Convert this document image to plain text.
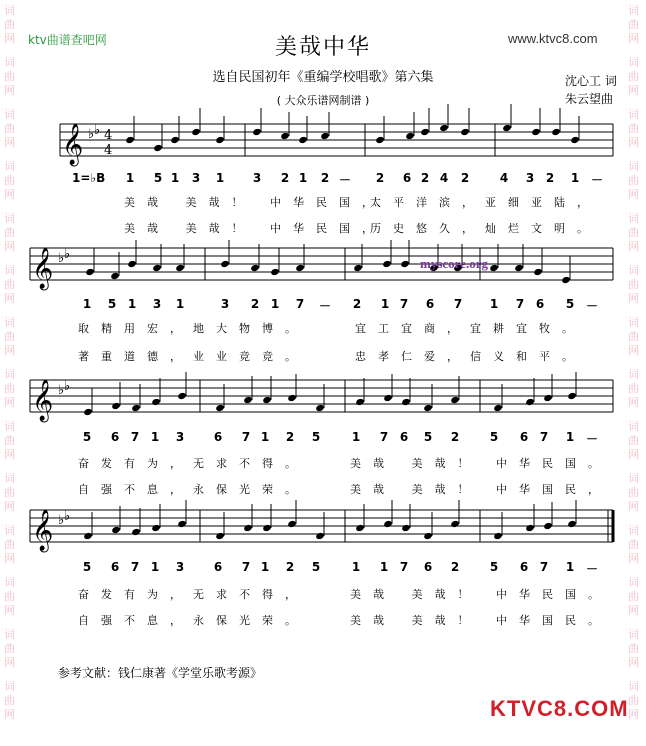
词
曲
网
词
曲
网
词
曲
网
词
曲
网
词
曲
网
词
曲
网
词
曲
网
词
曲
网
词
曲
网
词
曲
网
词
曲
网
词
曲
网
词
曲
网
词
曲
网
词
曲
网
词
曲
网
词
曲
网
词
曲
网
词
曲
网
词
曲
网
词
曲
网
词
曲
网
词
曲
网
词
曲
网
词
曲
网
词
曲
网
词
曲
网
词
曲
网
ktv曲谱查吧网	www.ktvc8.com
美哉中华
选自民国初年《重编学校唱歌》第六集
( 大众乐谱网制谱 )
沈心工 词
朱云望曲
𝄞 ♭ ♭ 4
4
𝄞 ♭ ♭
𝄞 ♭ ♭
𝄞 ♭ ♭
1=♭B
myscore.org
1 5 1 3 1 3 2 1 2 － 2 6 2 4 2	4 3 2 1 －
美哉 美哉！ 中华民国，
太平洋滨，亚细亚陆，
美哉 美哉！ 中华民国，
历史悠久，灿烂文明。
1 5 1 3 1	3 2 1 7 － 2 1 7 6 7 1 7 6 5 －
取精用宏，地大物博。	宜工宜商，宜耕宜牧。
著重道德，业业竞竞。	忠孝仁爱，信义和平。
5 6 7 1 3 6 7 1 2 5	1 7 6 5 2	5 6 7 1 －
奋发有为，无求不得。	美哉 美哉！ 中华民国。
自强不息，永保光荣。	美哉 美哉！ 中华国民，
5 6 7 1 3 6 7 1 2 5	1 1 7 6 2	5 6 7 1 －
奋发有为，无求不得，	美哉 美哉！ 中华民国。
自强不息，永保光荣。	美哉 美哉！ 中华国民。
参考文献：钱仁康著《学堂乐歌考源》
KTVC8.COM
